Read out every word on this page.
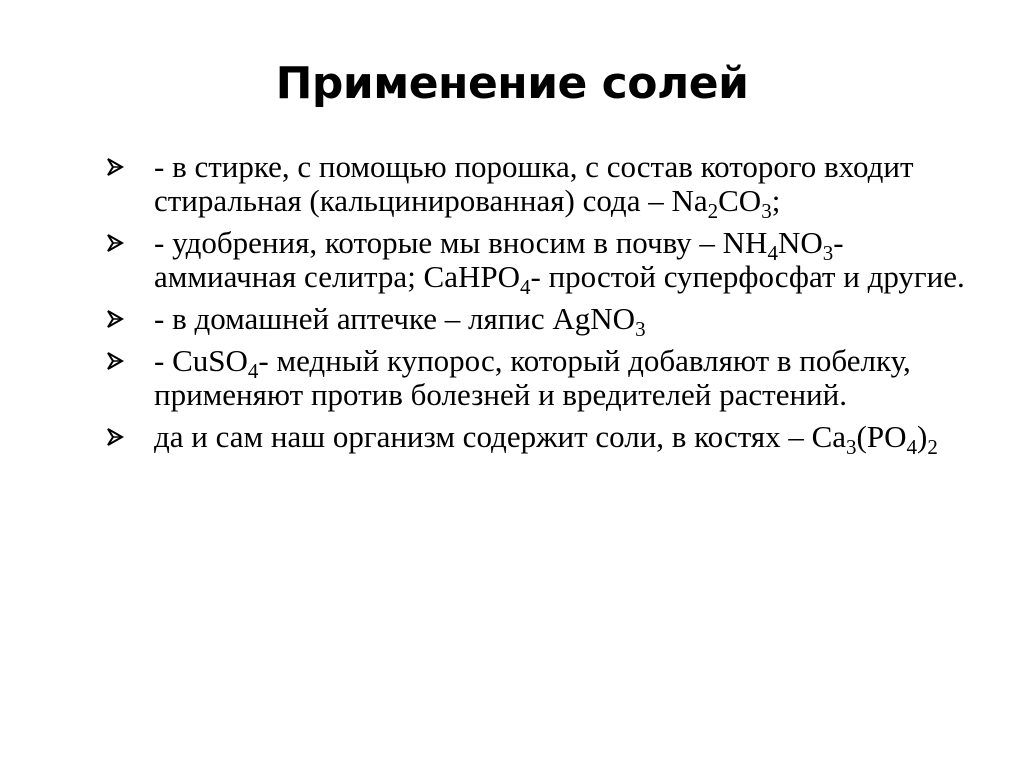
Применение солей
- в стирке, с помощью порошка, с состав которого входит стиральная (кальцинированная) сода – $Na_2CO_3$;
- удобрения, которые мы вносим в почву – $NH_4NO_3-$ аммиачная селитра; CaHPO$_4$- простой суперфосфат и другие.
- в домашней аптечке – ляпис AgNO$_3$
- CuSO$_4$- медный купорос, который добавляют в побелку, применяют против болезней и вредителей растений.
да и сам наш организм содержит соли, в костях – $Ca_3(PO_4)_2$
